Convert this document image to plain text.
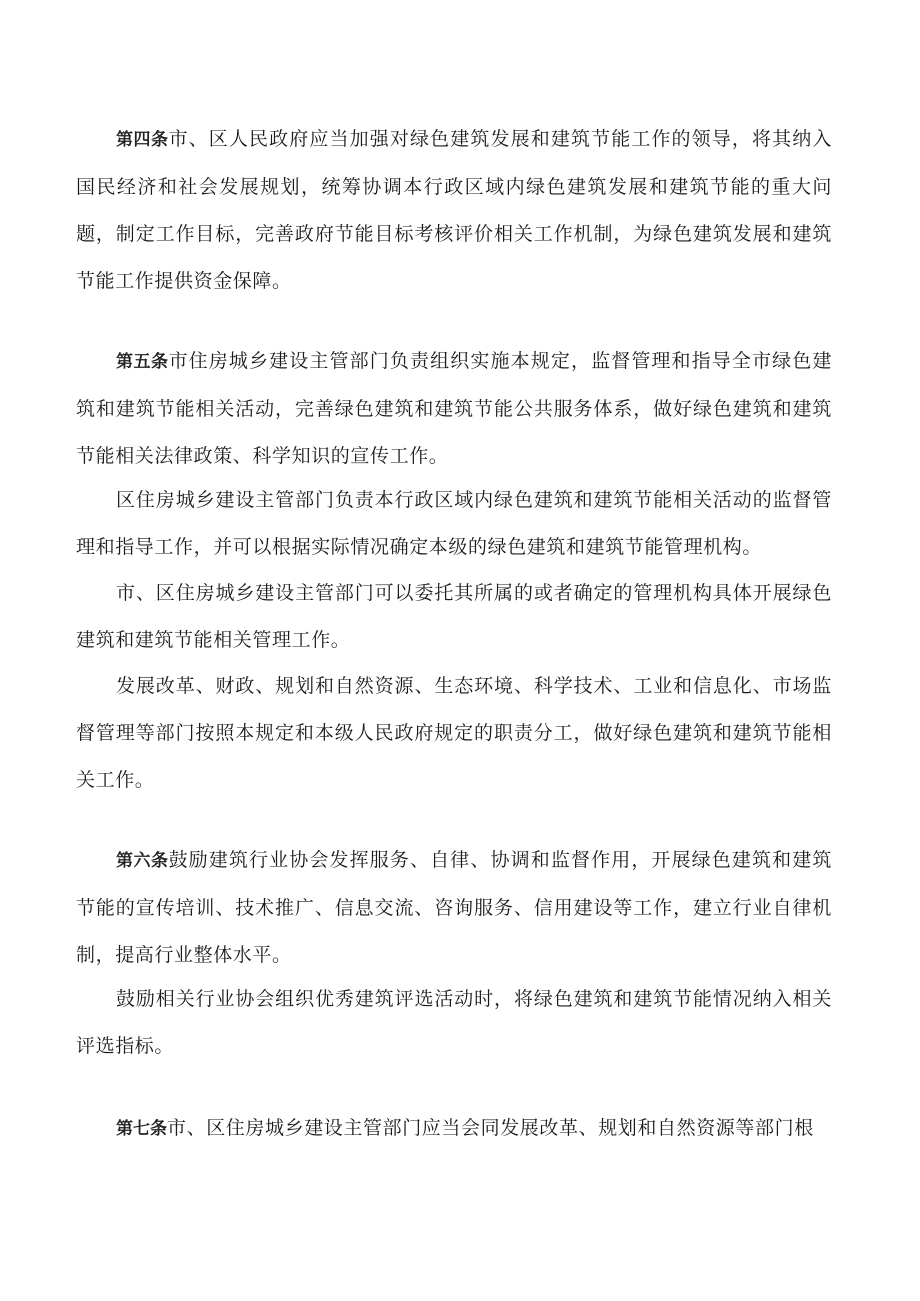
第四条市、区人民政府应当加强对绿色建筑发展和建筑节能工作的领导，将其纳入国民经济和社会发展规划，统筹协调本行政区域内绿色建筑发展和建筑节能的重大问题，制定工作目标，完善政府节能目标考核评价相关工作机制，为绿色建筑发展和建筑节能工作提供资金保障。

第五条市住房城乡建设主管部门负责组织实施本规定，监督管理和指导全市绿色建筑和建筑节能相关活动，完善绿色建筑和建筑节能公共服务体系，做好绿色建筑和建筑节能相关法律政策、科学知识的宣传工作。

区住房城乡建设主管部门负责本行政区域内绿色建筑和建筑节能相关活动的监督管理和指导工作，并可以根据实际情况确定本级的绿色建筑和建筑节能管理机构。

市、区住房城乡建设主管部门可以委托其所属的或者确定的管理机构具体开展绿色建筑和建筑节能相关管理工作。

发展改革、财政、规划和自然资源、生态环境、科学技术、工业和信息化、市场监督管理等部门按照本规定和本级人民政府规定的职责分工，做好绿色建筑和建筑节能相关工作。

第六条鼓励建筑行业协会发挥服务、自律、协调和监督作用，开展绿色建筑和建筑节能的宣传培训、技术推广、信息交流、咨询服务、信用建设等工作，建立行业自律机制，提高行业整体水平。

鼓励相关行业协会组织优秀建筑评选活动时，将绿色建筑和建筑节能情况纳入相关评选指标。

第七条市、区住房城乡建设主管部门应当会同发展改革、规划和自然资源等部门根
